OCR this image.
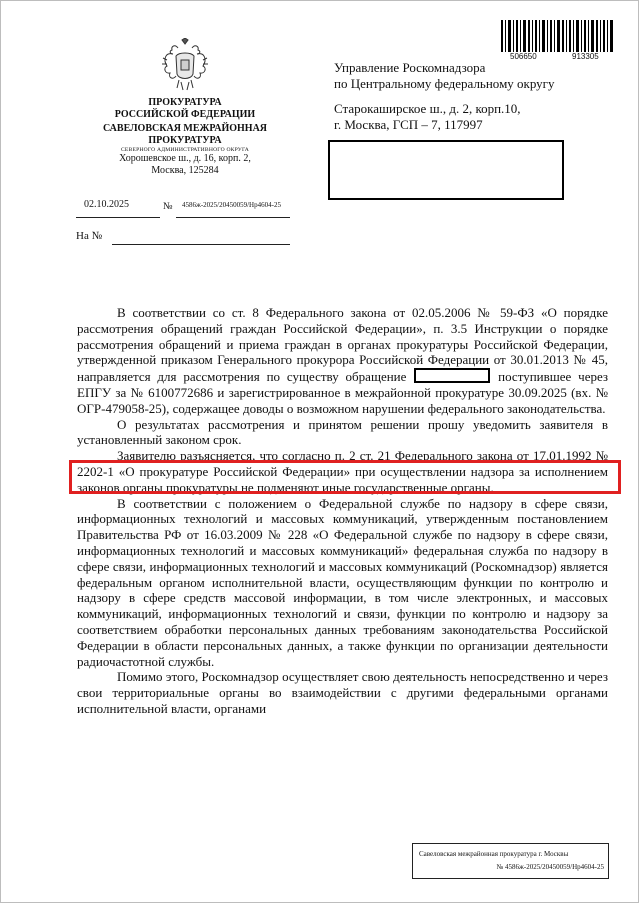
ПРОКУРАТУРА
РОССИЙСКОЙ ФЕДЕРАЦИИ
САВЕЛОВСКАЯ МЕЖРАЙОННАЯ
ПРОКУРАТУРА
СЕВЕРНОГО АДМИНИСТРАТИВНОГО ОКРУГА
Хорошевское ш., д. 16, корп. 2,
Москва, 125284
02.10.2025	№ 4586ж-2025/20450059/Нр4604-25
На №
506650	913305
Управление Роскомнадзора
по Центральному федеральному округу
Старокаширское ш., д. 2, корп.10,
г. Москва, ГСП – 7, 117997

В соответствии со ст. 8 Федерального закона от 02.05.2006 № 59-ФЗ «О порядке рассмотрения обращений граждан Российской Федерации», п. 3.5 Инструкции о порядке рассмотрения обращений и приема граждан в органах прокуратуры Российской Федерации, утвержденной приказом Генерального прокурора Российской Федерации от 30.01.2013 № 45, направляется для рассмотрения по существу обращение	поступившее через ЕПГУ за № 6100772686 и зарегистрированное в межрайонной прокуратуре 30.09.2025 (вх. № ОГР-479058-25), содержащее доводы о возможном нарушении федерального законодательства.

О результатах рассмотрения и принятом решении прошу уведомить заявителя в установленный законом срок.

Заявителю разъясняется, что согласно п. 2 ст. 21 Федерального закона от 17.01.1992 № 2202-1 «О прокуратуре Российской Федерации» при осуществлении надзора за исполнением законов органы прокуратуры не подменяют иные государственные органы.

В соответствии с положением о Федеральной службе по надзору в сфере связи, информационных технологий и массовых коммуникаций, утвержденным постановлением Правительства РФ от 16.03.2009 № 228 «О Федеральной службе по надзору в сфере связи, информационных технологий и массовых коммуникаций» федеральная служба по надзору в сфере связи, информационных технологий и массовых коммуникаций (Роскомнадзор) является федеральным органом исполнительной власти, осуществляющим функции по контролю и надзору в сфере средств массовой информации, в том числе электронных, и массовых коммуникаций, информационных технологий и связи, функции по контролю и надзору за соответствием обработки персональных данных требованиям законодательства Российской Федерации в области персональных данных, а также функции по организации деятельности радиочастотной службы.

Помимо этого, Роскомнадзор осуществляет свою деятельность непосредственно и через свои территориальные органы во взаимодействии с другими федеральными органами исполнительной власти, органами

Савеловская межрайонная прокуратура г. Москвы
№ 4586ж-2025/20450059/Нр4604-25
